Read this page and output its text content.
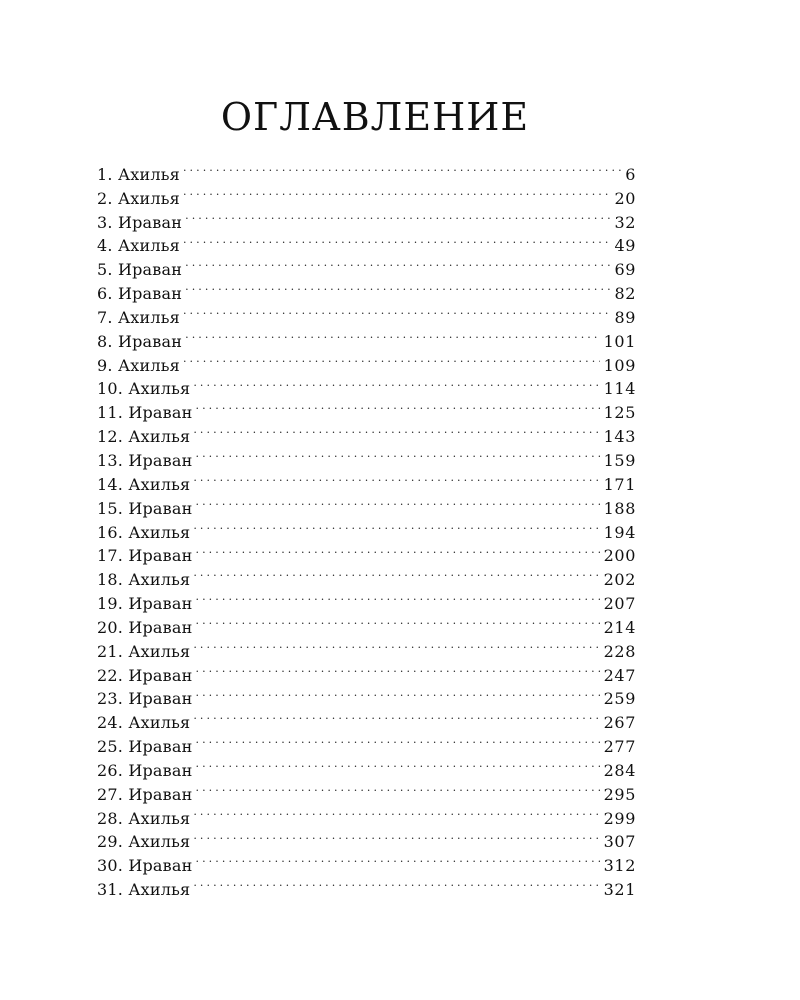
ОГЛАВЛЕНИЕ
1. Ахилья . . .	6
2. Ахилья . . .	20
3. Ираван . . .	32
4. Ахилья . . .	49
5. Ираван . . .	69
6. Ираван . . .	82
7. Ахилья . . .	89
8. Ираван . . .	101
9. Ахилья . . .	109
10. Ахилья . . .	114
11. Ираван . . .	125
12. Ахилья . . .	143
13. Ираван . . .	159
14. Ахилья . . .	171
15. Ираван . . .	188
16. Ахилья . . .	194
17. Ираван . . .	200
18. Ахилья . . .	202
19. Ираван . . .	207
20. Ираван . . .	214
21. Ахилья . . .	228
22. Ираван . . .	247
23. Ираван . . .	259
24. Ахилья . . .	267
25. Ираван . . .	277
26. Ираван . . .	284
27. Ираван . . .	295
28. Ахилья . . .	299
29. Ахилья . . .	307
30. Ираван . . .	312
31. Ахилья . . .	321
